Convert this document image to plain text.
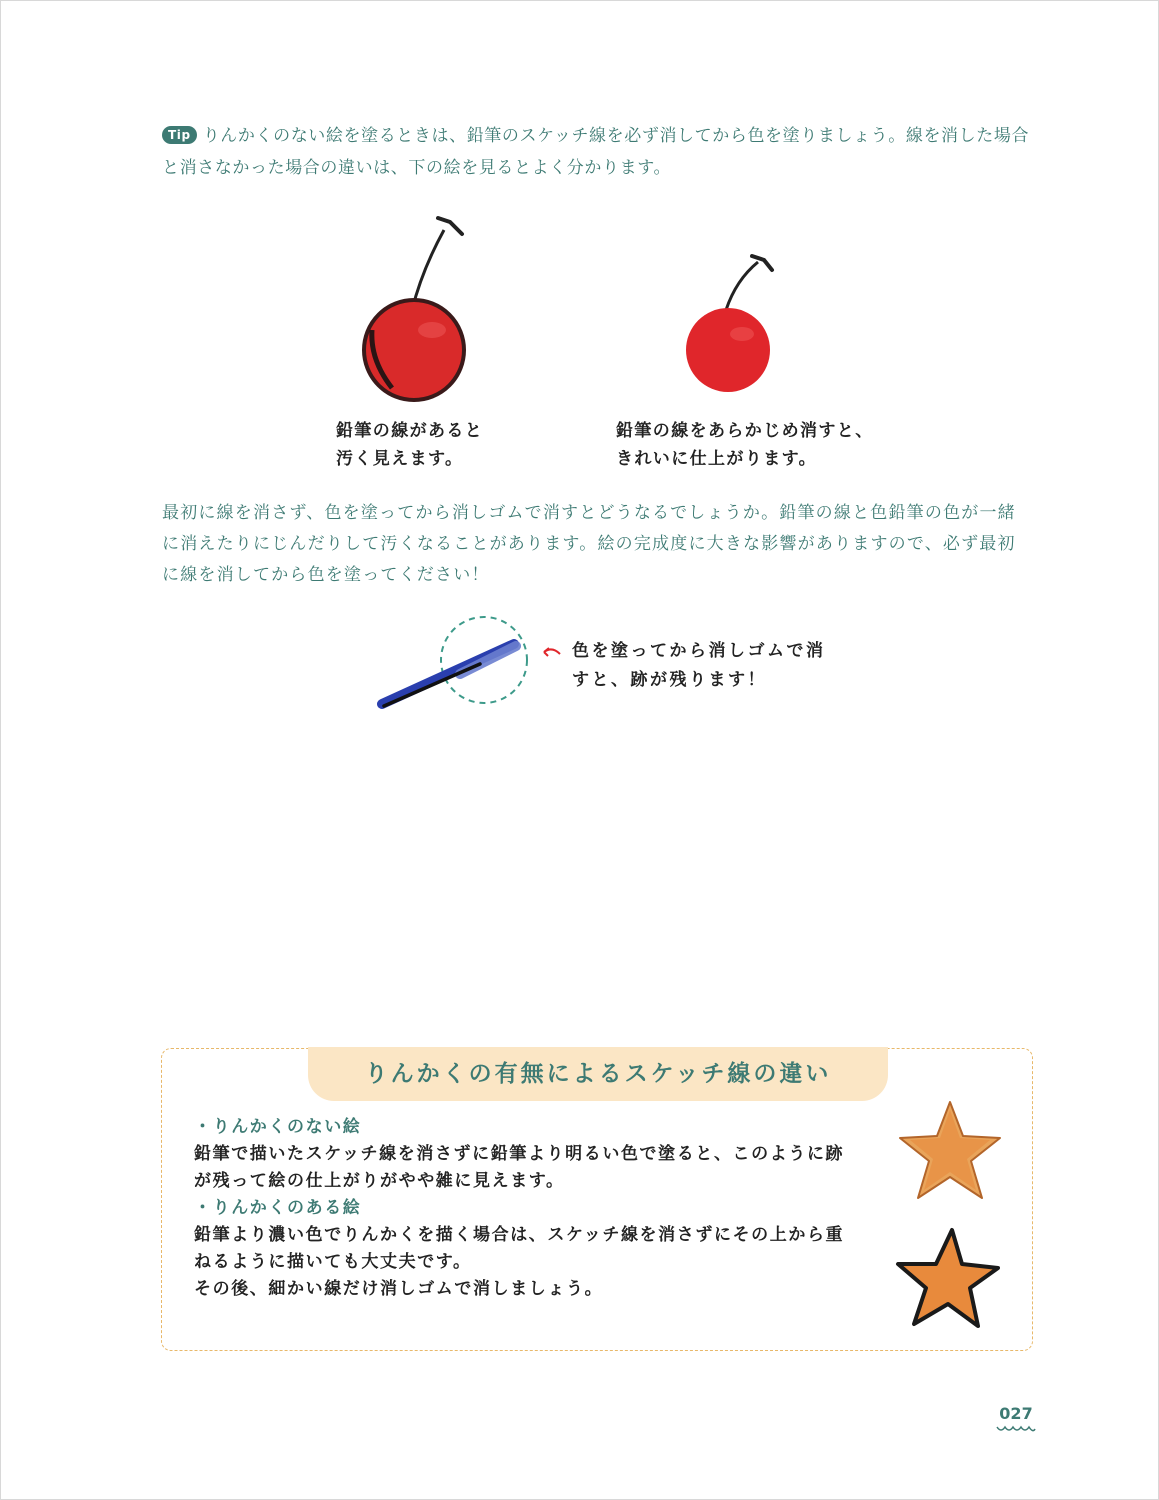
Tip りんかくのない絵を塗るときは、鉛筆のスケッチ線を必ず消してから色を塗りましょう。線を消した場合と消さなかった場合の違いは、下の絵を見るとよく分かります。
鉛筆の線があると
汚く見えます。
鉛筆の線をあらかじめ消すと、
きれいに仕上がります。
最初に線を消さず、色を塗ってから消しゴムで消すとどうなるでしょうか。鉛筆の線と色鉛筆の色が一緒に消えたりにじんだりして汚くなることがあります。絵の完成度に大きな影響がありますので、必ず最初に線を消してから色を塗ってください！
色を塗ってから消しゴムで消
すと、跡が残ります！
りんかくの有無によるスケッチ線の違い
・りんかくのない絵
鉛筆で描いたスケッチ線を消さずに鉛筆より明るい色で塗ると、このように跡
が残って絵の仕上がりがやや雑に見えます。
・りんかくのある絵
鉛筆より濃い色でりんかくを描く場合は、スケッチ線を消さずにその上から重
ねるように描いても大丈夫です。
その後、細かい線だけ消しゴムで消しましょう。
027
